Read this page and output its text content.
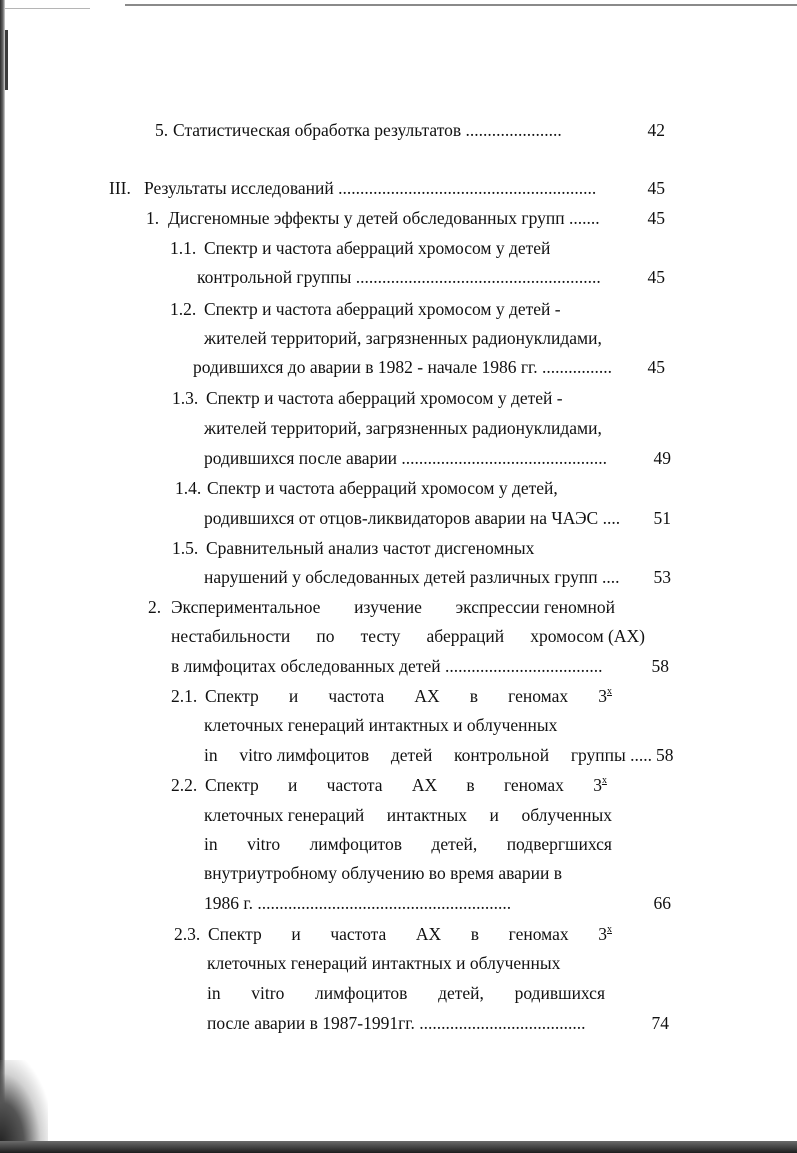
5. Статистическая обработка результатов ......................	42
III. Результаты исследований ...........................................................	45
1. Дисгеномные эффекты у детей обследованных групп .......	45
1.1. Спектр и частота аберраций хромосом у детей
контрольной группы ........................................................	45
1.2. Спектр и частота аберраций хромосом у детей -
жителей территорий, загрязненных радионуклидами,
родившихся до аварии в 1982 - начале 1986 гг. ................	45
1.3. Спектр и частота аберраций хромосом у детей -
жителей территорий, загрязненных радионуклидами,
родившихся после аварии ...............................................	49
1.4. Спектр и частота аберраций хромосом у детей,
родившихся от отцов-ликвидаторов аварии на ЧАЭС ....	51
1.5. Сравнительный анализ частот дисгеномных
нарушений у обследованных детей различных групп ....	53
2. Экспериментальное изучение экспрессии геномной
нестабильности по тесту аберраций хромосом (АХ)
в лимфоцитах обследованных детей ....................................	58
2.1. Спектр и частота АХ в геномах 3$^x$
клеточных генераций интактных и облученных
in vitro лимфоцитов детей контрольной группы ..... 58
2.2. Спектр и частота АХ в геномах 3$^x$
клеточных генераций интактных и облученных
in vitro лимфоцитов детей, подвергшихся
внутриутробному облучению во время аварии в
1986 г. ..........................................................	66
2.3. Спектр и частота АХ в геномах 3$^x$
клеточных генераций интактных и облученных
in vitro лимфоцитов детей, родившихся
после аварии в 1987-1991гг. ......................................	74
